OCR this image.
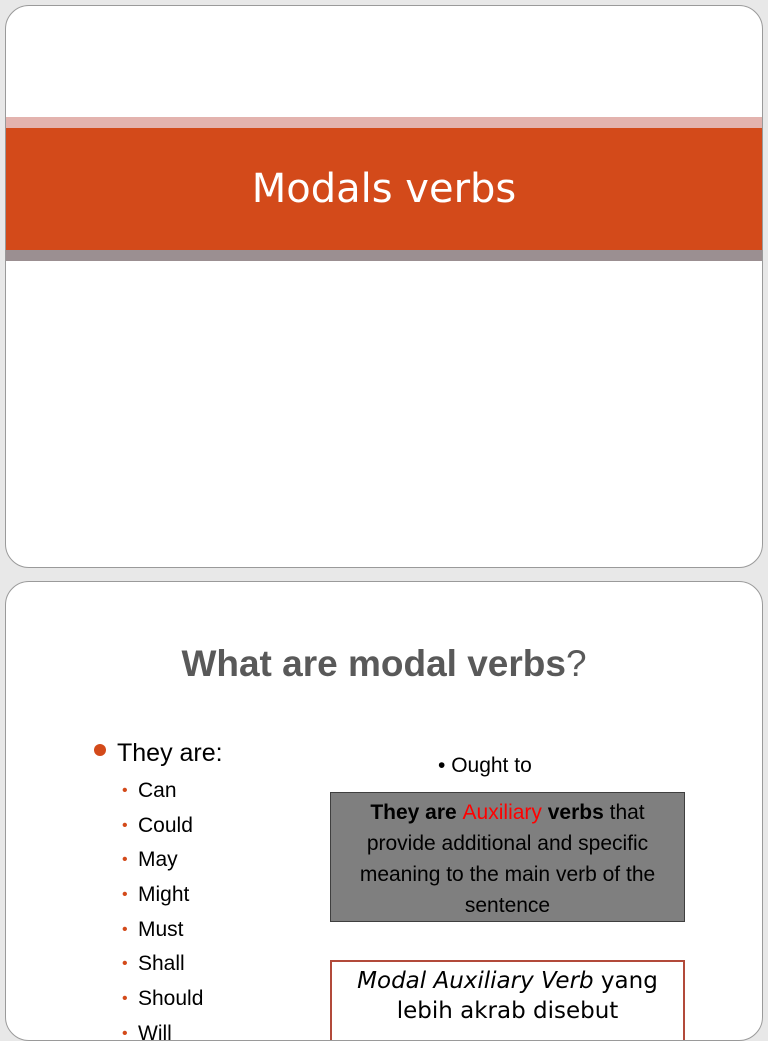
Modals verbs
What are modal verbs?
They are:
• Can
• Could
• May
• Might
• Must
• Shall
• Should
• Will
• Ought to
They are Auxiliary verbs that provide additional and specific meaning to the main verb of the sentence
Modal Auxiliary Verb yang lebih akrab disebut
